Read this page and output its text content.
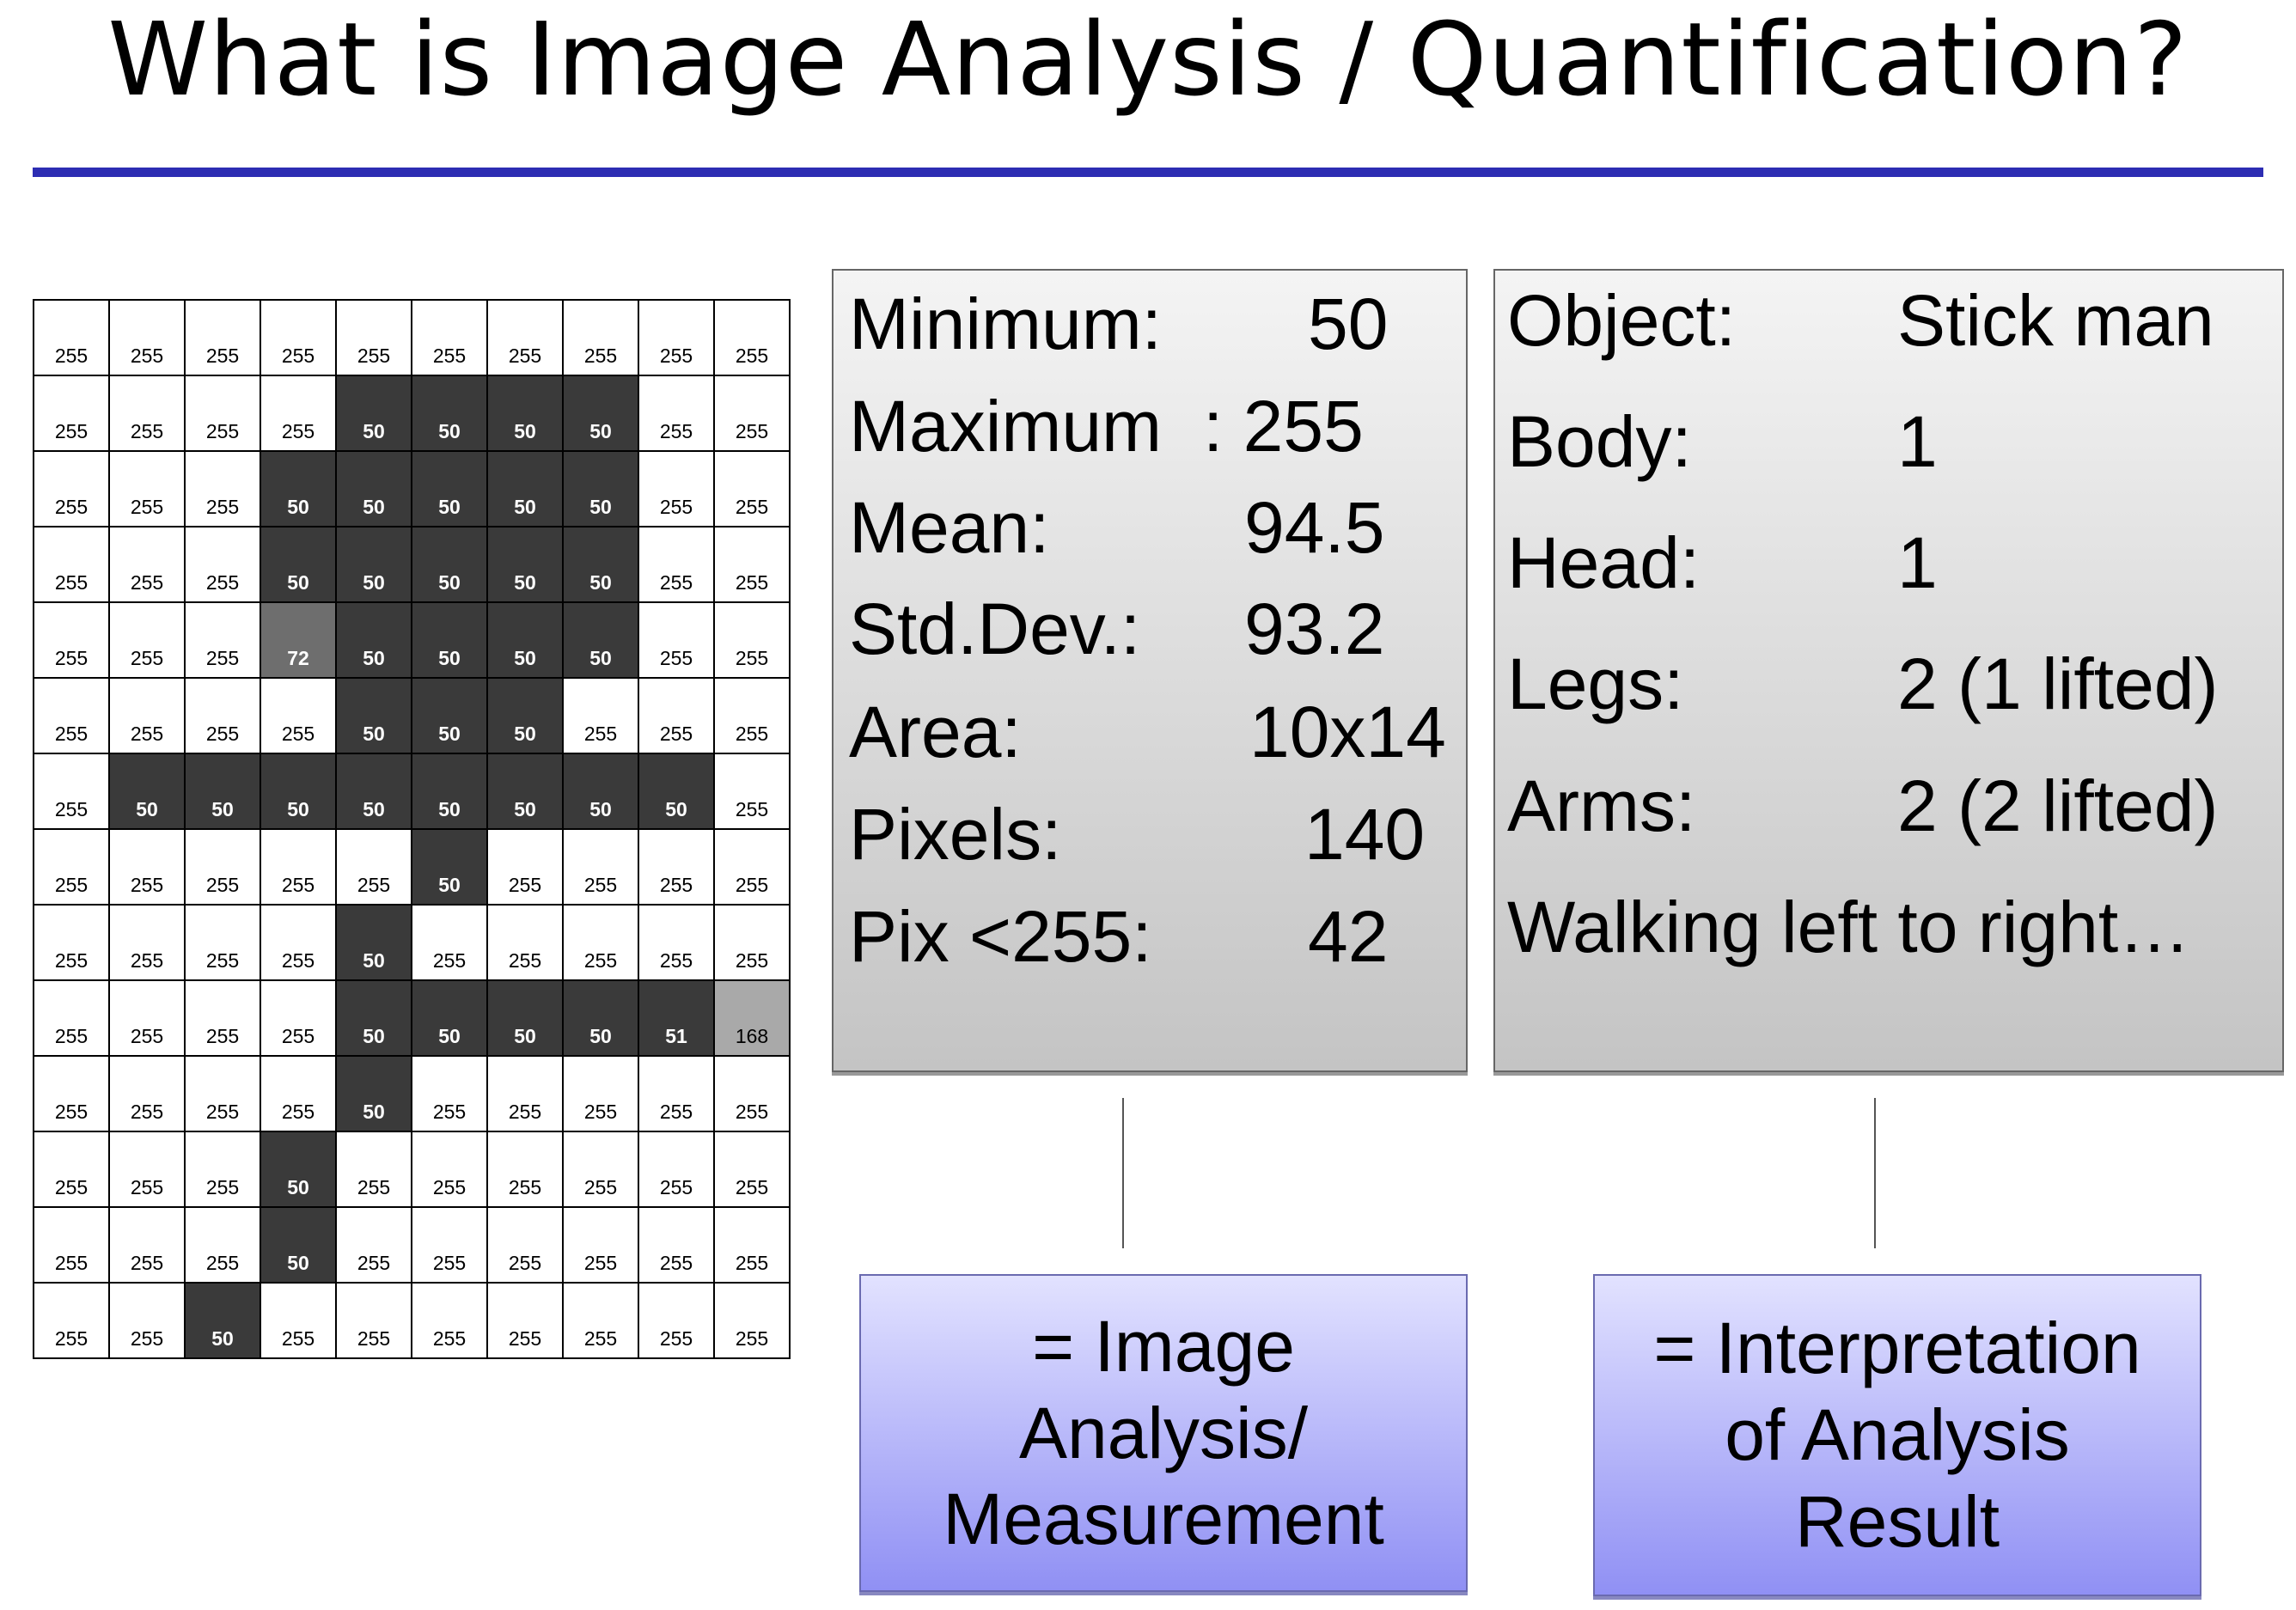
What is Image Analysis / Quantification?
255	255	255	255	255	255	255	255	255	255
255	255	255	255	50	50	50	50	255	255
255	255	255	50	50	50	50	50	255	255
255	255	255	50	50	50	50	50	255	255
255	255	255	72	50	50	50	50	255	255
255	255	255	255	50	50	50	255	255	255
255	50	50	50	50	50	50	50	50	255
255	255	255	255	255	50	255	255	255	255
255	255	255	255	50	255	255	255	255	255
255	255	255	255	50	50	50	50	51	168
255	255	255	255	50	255	255	255	255	255
255	255	255	50	255	255	255	255	255	255
255	255	255	50	255	255	255	255	255	255
255	255	50	255	255	255	255	255	255	255
Minimum: 50
Maximum : 255
Mean:	94.5
Std.Dev.: 93.2
Area:	10x14
Pixels:	140
Pix <255: 42
Object: Stick man
Body:	1
Head:	1
Legs:	2 (1 lifted)
Arms:	2 (2 lifted)
Walking left to right…
= Image
Analysis/
Measurement
= Interpretation
of Analysis
Result
